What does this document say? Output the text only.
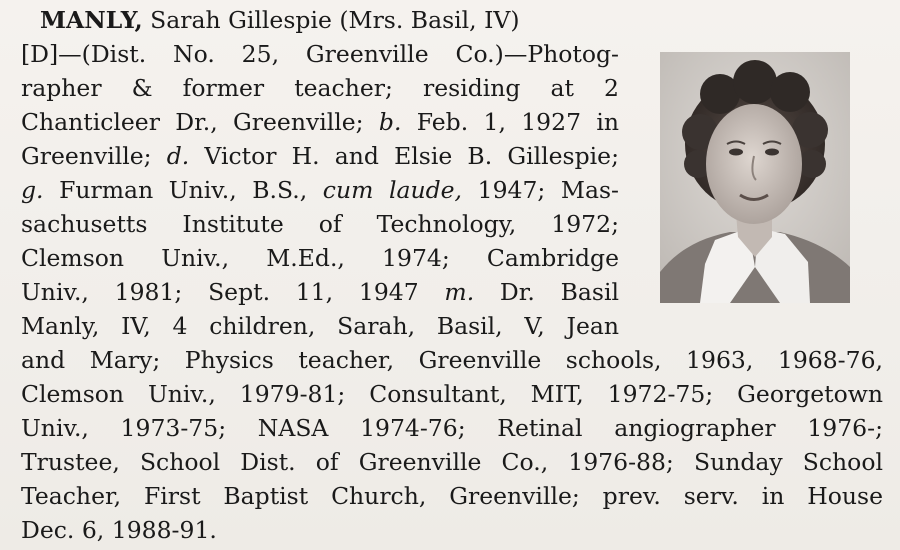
MANLY, Sarah Gillespie (Mrs. Basil, IV)
[D]—(Dist. No. 25, Greenville Co.)—Photog-
rapher & former teacher; residing at 2
Chanticleer Dr., Greenville; b. Feb. 1, 1927 in
Greenville; d. Victor H. and Elsie B. Gillespie;
g. Furman Univ., B.S., cum laude, 1947; Mas-
sachusetts Institute of Technology, 1972;
Clemson Univ., M.Ed., 1974; Cambridge
Univ., 1981; Sept. 11, 1947 m. Dr. Basil
Manly, IV, 4 children, Sarah, Basil, V, Jean
and Mary; Physics teacher, Greenville schools, 1963, 1968-76,
Clemson Univ., 1979-81; Consultant, MIT, 1972-75; Georgetown
Univ., 1973-75; NASA 1974-76; Retinal angiographer 1976-;
Trustee, School Dist. of Greenville Co., 1976-88; Sunday School
Teacher, First Baptist Church, Greenville; prev. serv. in House
Dec. 6, 1988-91.
